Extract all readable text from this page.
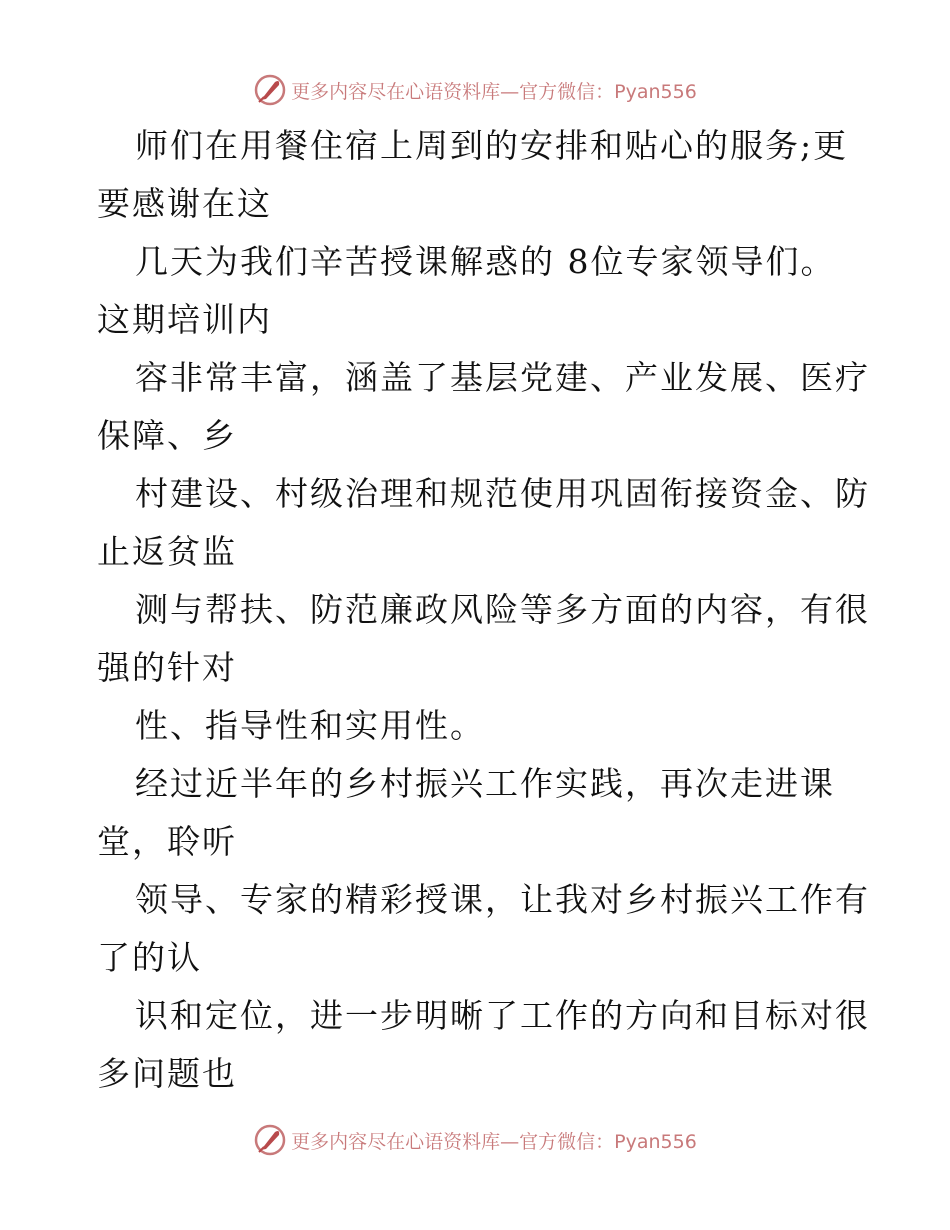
更多内容尽在心语资料库—官方微信：Pyan556
师们在用餐住宿上周到的安排和贴心的服务;更
要感谢在这
几天为我们辛苦授课解惑的 8位专家领导们。
这期培训内
容非常丰富，涵盖了基层党建、产业发展、医疗
保障、乡
村建设、村级治理和规范使用巩固衔接资金、防
止返贫监
测与帮扶、防范廉政风险等多方面的内容，有很
强的针对
性、指导性和实用性。
经过近半年的乡村振兴工作实践，再次走进课
堂，聆听
领导、专家的精彩授课，让我对乡村振兴工作有
了的认
识和定位，进一步明晰了工作的方向和目标对很
多问题也
更多内容尽在心语资料库—官方微信：Pyan556
